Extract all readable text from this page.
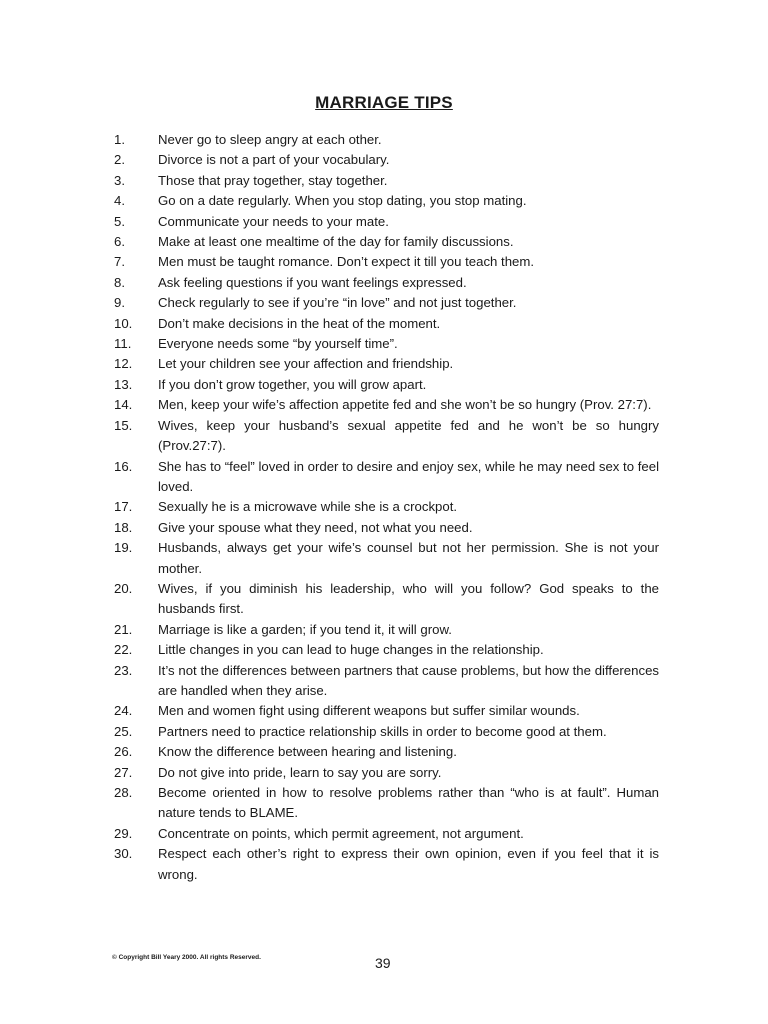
MARRIAGE TIPS
1.	Never go to sleep angry at each other.
2.	Divorce is not a part of your vocabulary.
3.	Those that pray together, stay together.
4.	Go on a date regularly. When you stop dating, you stop mating.
5.	Communicate your needs to your mate.
6.	Make at least one mealtime of the day for family discussions.
7.	Men must be taught romance. Don’t expect it till you teach them.
8.	Ask feeling questions if you want feelings expressed.
9.	Check regularly to see if you’re “in love” and not just together.
10.	Don’t make decisions in the heat of the moment.
11.	Everyone needs some “by yourself time”.
12.	Let your children see your affection and friendship.
13.	If you don’t grow together, you will grow apart.
14.	Men, keep your wife’s affection appetite fed and she won’t be so hungry (Prov. 27:7).
15.	Wives, keep your husband’s sexual appetite fed and he won’t be so hungry (Prov.27:7).
16.	She has to “feel” loved in order to desire and enjoy sex, while he may need sex to feel loved.
17.	Sexually he is a microwave while she is a crockpot.
18.	Give your spouse what they need, not what you need.
19.	Husbands, always get your wife’s counsel but not her permission. She is not your mother.
20.	Wives, if you diminish his leadership, who will you follow? God speaks to the husbands first.
21.	Marriage is like a garden; if you tend it, it will grow.
22.	Little changes in you can lead to huge changes in the relationship.
23.	It’s not the differences between partners that cause problems, but how the differences are handled when they arise.
24.	Men and women fight using different weapons but suffer similar wounds.
25.	Partners need to practice relationship skills in order to become good at them.
26.	Know the difference between hearing and listening.
27.	Do not give into pride, learn to say you are sorry.
28.	Become oriented in how to resolve problems rather than “who is at fault”. Human nature tends to BLAME.
29.	Concentrate on points, which permit agreement, not argument.
30.	Respect each other’s right to express their own opinion, even if you feel that it is wrong.
© Copyright Bill Yeary 2000. All rights Reserved.	39
